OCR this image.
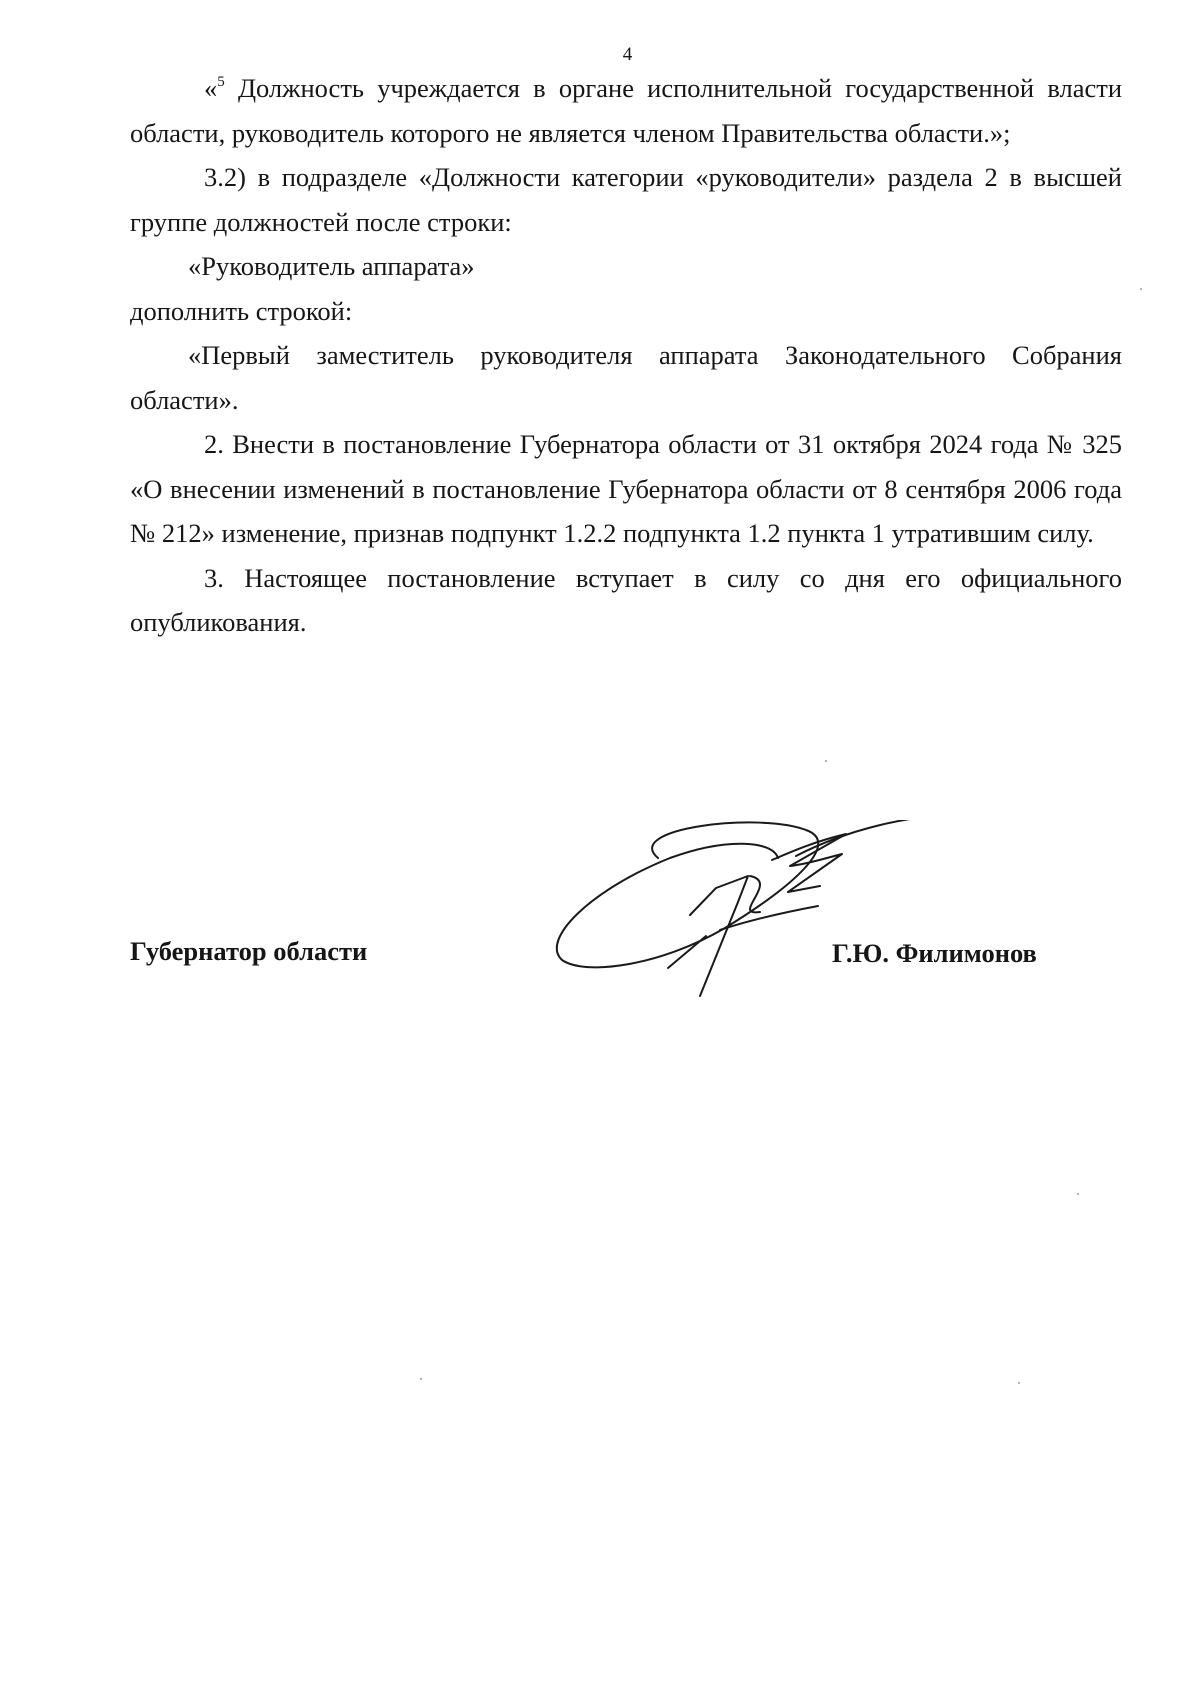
4

«$^5$ Должность учреждается в органе исполнительной государственной власти области, руководитель которого не является членом Правительства области.»;

3.2) в подразделе «Должности категории «руководители» раздела 2 в высшей группе должностей после строки:

«Руководитель аппарата»

дополнить строкой:

«Первый заместитель руководителя аппарата Законодательного Собрания области».

2. Внести в постановление Губернатора области от 31 октября 2024 года № 325 «О внесении изменений в постановление Губернатора области от 8 сентября 2006 года № 212» изменение, признав подпункт 1.2.2 подпункта 1.2 пункта 1 утратившим силу.

3. Настоящее постановление вступает в силу со дня его официального опубликования.

Губернатор области	Г.Ю. Филимонов
